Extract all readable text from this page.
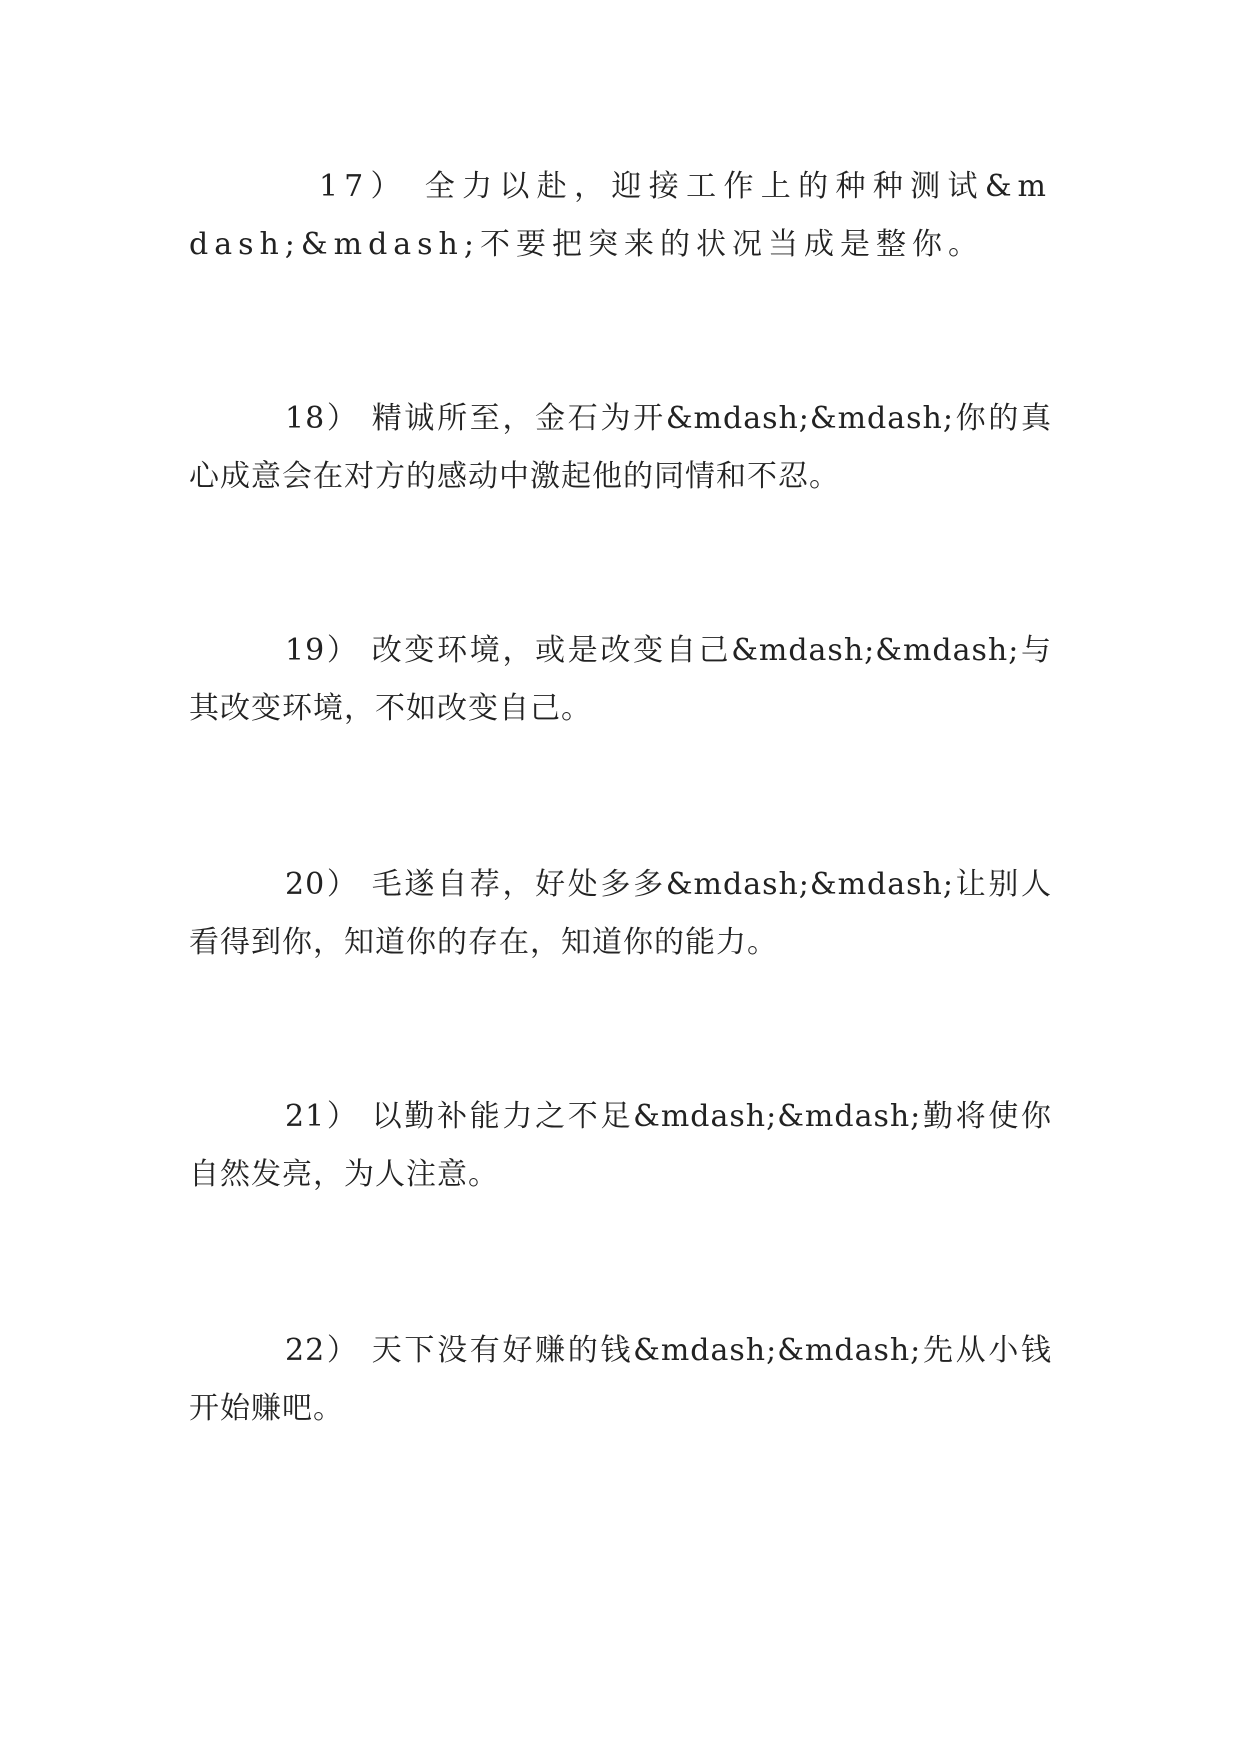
17） 全力以赴，迎接工作上的种种测试&mdash;&mdash;不要把突来的状况当成是整你。

18） 精诚所至，金石为开&mdash;&mdash;你的真心成意会在对方的感动中激起他的同情和不忍。

19） 改变环境，或是改变自己&mdash;&mdash;与其改变环境，不如改变自己。

20） 毛遂自荐，好处多多&mdash;&mdash;让别人看得到你，知道你的存在，知道你的能力。

21） 以勤补能力之不足&mdash;&mdash;勤将使你自然发亮，为人注意。

22） 天下没有好赚的钱&mdash;&mdash;先从小钱开始赚吧。
